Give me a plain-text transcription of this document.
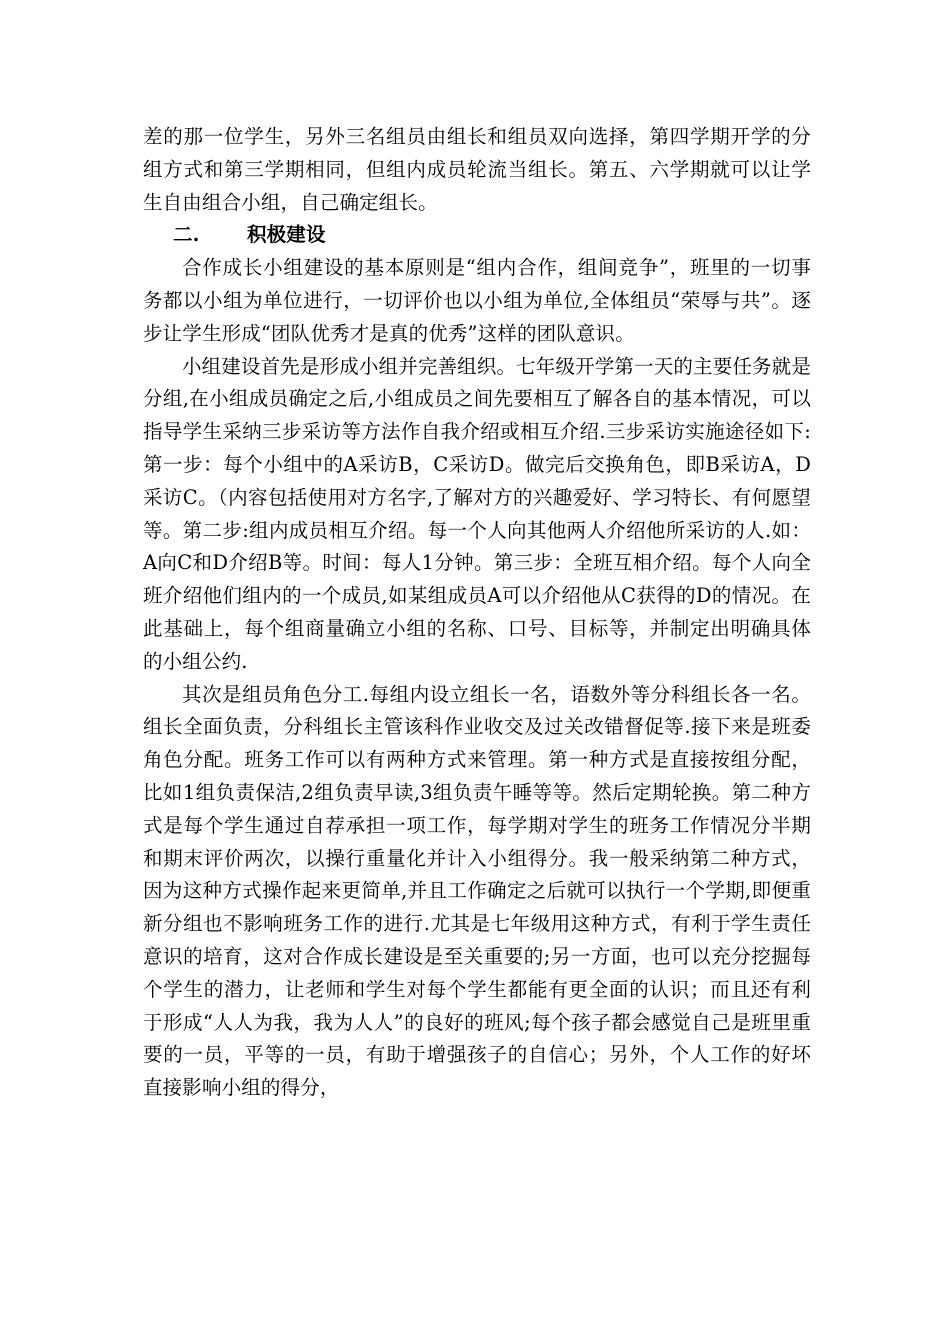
差的那一位学生，另外三名组员由组长和组员双向选择，第四学期开学的分组方式和第三学期相同，但组内成员轮流当组长。第五、六学期就可以让学生自由组合小组，自己确定组长。

二. 积极建设

合作成长小组建设的基本原则是“组内合作，组间竞争”，班里的一切事务都以小组为单位进行，一切评价也以小组为单位,全体组员“荣辱与共”。逐步让学生形成“团队优秀才是真的优秀”这样的团队意识。

小组建设首先是形成小组并完善组织。七年级开学第一天的主要任务就是分组,在小组成员确定之后,小组成员之间先要相互了解各自的基本情况，可以指导学生采纳三步采访等方法作自我介绍或相互介绍.三步采访实施途径如下:第一步：每个小组中的A采访B，C采访D。做完后交换角色，即B采访A，D采访C。（内容包括使用对方名字,了解对方的兴趣爱好、学习特长、有何愿望等。第二步:组内成员相互介绍。每一个人向其他两人介绍他所采访的人.如：A向C和D介绍B等。时间：每人1分钟。第三步：全班互相介绍。每个人向全班介绍他们组内的一个成员,如某组成员A可以介绍他从C获得的D的情况。在此基础上，每个组商量确立小组的名称、口号、目标等，并制定出明确具体的小组公约.

其次是组员角色分工.每组内设立组长一名，语数外等分科组长各一名。组长全面负责，分科组长主管该科作业收交及过关改错督促等.接下来是班委角色分配。班务工作可以有两种方式来管理。第一种方式是直接按组分配，比如1组负责保洁,2组负责早读,3组负责午睡等等。然后定期轮换。第二种方式是每个学生通过自荐承担一项工作，每学期对学生的班务工作情况分半期和期末评价两次，以操行重量化并计入小组得分。我一般采纳第二种方式，因为这种方式操作起来更简单,并且工作确定之后就可以执行一个学期,即便重新分组也不影响班务工作的进行.尤其是七年级用这种方式，有利于学生责任意识的培育，这对合作成长建设是至关重要的;另一方面，也可以充分挖掘每个学生的潜力，让老师和学生对每个学生都能有更全面的认识；而且还有利于形成“人人为我，我为人人”的良好的班风;每个孩子都会感觉自己是班里重要的一员，平等的一员，有助于增强孩子的自信心；另外，个人工作的好坏直接影响小组的得分，
